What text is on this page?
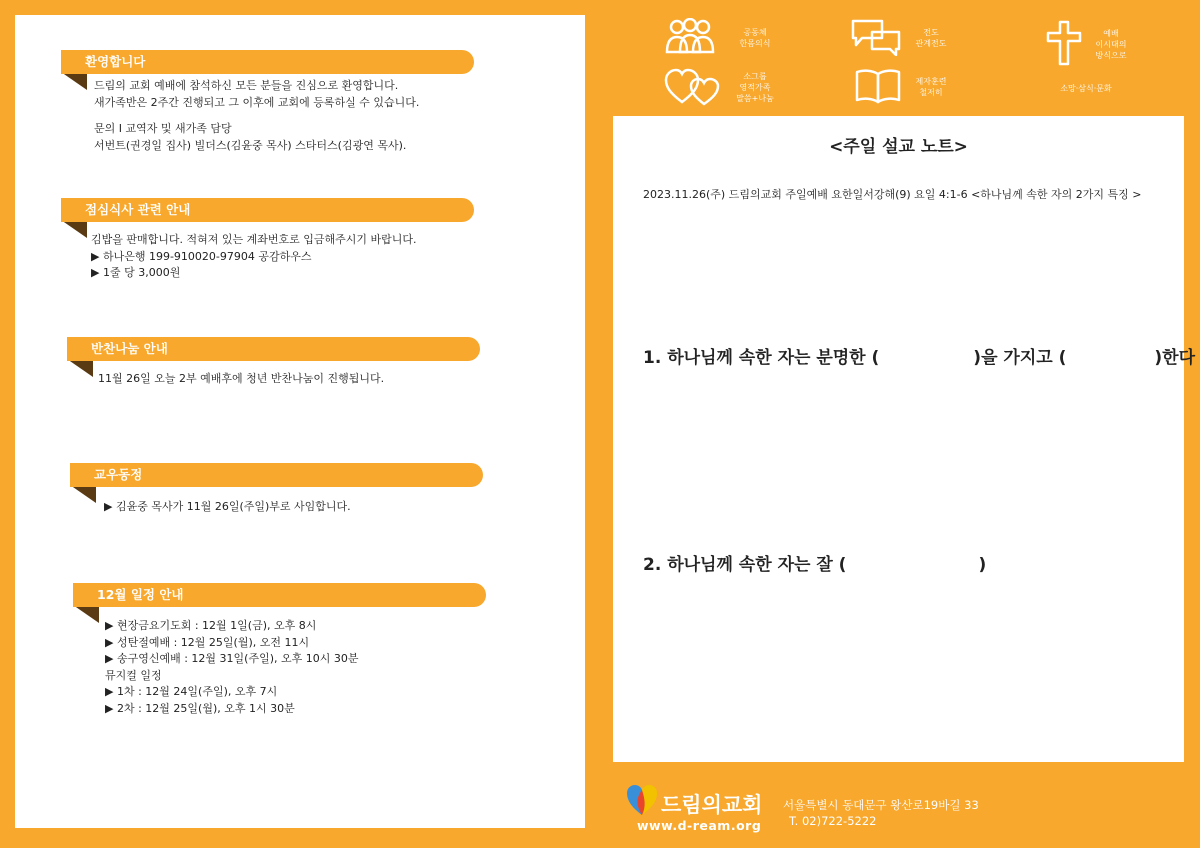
환영합니다
드림의 교회 예배에 참석하신 모든 분들을 진심으로 환영합니다.
새가족반은 2주간 진행되고 그 이후에 교회에 등록하실 수 있습니다.
문의 I 교역자 및 새가족 담당
서번트(권경일 집사) 빌더스(김윤중 목사) 스타터스(김광연 목사).
점심식사 관련 안내
김밥을 판매합니다. 적혀져 있는 계좌번호로 입금해주시기 바랍니다.
▶ 하나은행 199-910020-97904 공감하우스
▶ 1줄 당 3,000원
반찬나눔 안내
11월 26일 오늘 2부 예배후에 청년 반찬나눔이 진행됩니다.
교우동정
▶ 김윤중 목사가 11월 26일(주일)부로 사임합니다.
12월 일정 안내
▶ 현장금요기도회 : 12월 1일(금), 오후 8시
▶ 성탄절예배 : 12월 25일(월), 오전 11시
▶ 송구영신예배 : 12월 31일(주일), 오후 10시 30분
뮤지컬 일정
▶ 1차 : 12월 24일(주일), 오후 7시
▶ 2차 : 12월 25일(월), 오후 1시 30분
공동체
한몸의식
전도
관계전도
예배
이시대의
방식으로
소그룹
영적가족
말씀+나눔
제자훈련
철저히	소망·삼식·문화
<주일 설교 노트>
2023.11.26(주) 드림의교회 주일예배 요한일서강해(9) 요일 4:1-6 <하나님께 속한 자의 2가지 특징 >
1. 하나님께 속한 자는 분명한 (	)을 가지고 (	)한다
2. 하나님께 속한 자는 잘 (	)
드림의교회
www.d-ream.org
서울특별시 동대문구 왕산로19바길 33
T. 02)722-5222
